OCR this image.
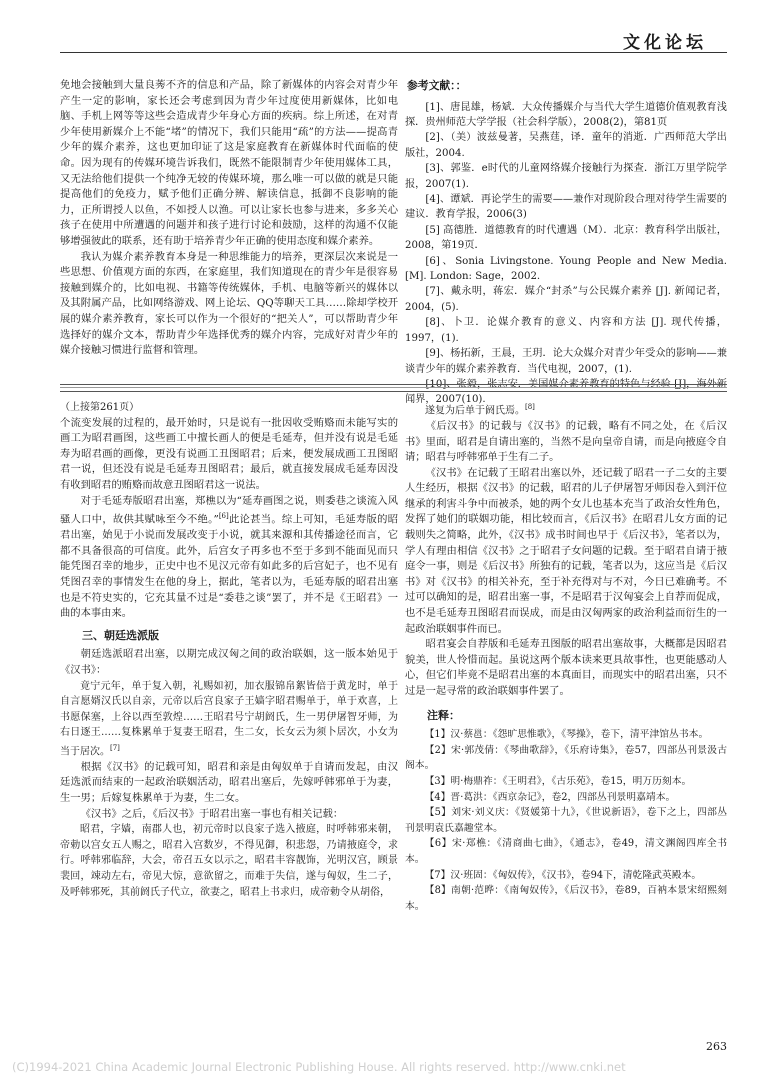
文化论坛

免地会接触到大量良莠不齐的信息和产品，除了新媒体的内容会对青少年产生一定的影响，家长还会考虑到因为青少年过度使用新媒体，比如电脑、手机上网等等这些会造成青少年身心方面的疾病。综上所述，在对青少年使用新媒介上不能“堵”的情况下，我们只能用“疏”的方法——提高青少年的媒介素养，这也更加印证了这是家庭教育在新媒体时代面临的使命。因为现有的传媒环境告诉我们，既然不能限制青少年使用媒体工具，又无法给他们提供一个纯净无较的传媒环境，那么唯一可以做的就是只能提高他们的免疫力，赋予他们正确分辨、解读信息，抵御不良影响的能力，正所谓授人以鱼，不如授人以渔。可以让家长也参与进来，多多关心孩子在使用中所遭遇的问题并和孩子进行讨论和鼓励，这样的沟通不仅能够增强彼此的联系，还有助于培养青少年正确的使用态度和媒介素养。

我认为媒介素养教育本身是一种思维能力的培养，更深层次来说是一些思想、价值观方面的东西，在家庭里，我们知道现在的青少年是很容易接触到媒介的，比如电视、书籍等传统媒体，手机、电脑等新兴的媒体以及其附属产品，比如网络游戏、网上论坛、QQ等聊天工具……除却学校开展的媒介素养教育，家长可以作为一个很好的“把关人”，可以帮助青少年选择好的媒介文本，帮助青少年选择优秀的媒介内容，完成好对青少年的媒介接触习惯进行监督和管理。

参考文献：：

[1]、唐昆雄，杨斌．大众传播媒介与当代大学生道德价值观教育浅探．贵州师范大学学报（社会科学版），2008(2)，第81页

[2]、（美）波兹曼著，吴燕莛，译．童年的消逝．广西师范大学出版社，2004.

[3]、郭鉴．e时代的儿童网络媒介接触行为探查．浙江万里学院学报，2007(1).

[4]、谭斌．再论学生的需要——兼作对现阶段合理对待学生需要的建议．教育学报，2006(3)

[5] 高德胜．道德教育的时代遭遇（M）．北京：教育科学出版社，2008，第19页．

[6]、Sonia Livingstone. Young People and New Media.[M]. London: Sage，2002.

[7]、戴永明，蒋宏．媒介“封杀”与公民媒介素养 [J]. 新闻记者，2004，(5).

[8]、卜卫．论媒介教育的意义、内容和方法 [J]. 现代传播，1997，(1).

[9]、杨拓新，王晨，王玥．论大众媒介对青少年受众的影响——兼谈青少年的媒介素养教育．当代电视，2007，(1).

[10]、张毅，张志安．美国媒介素养教育的特色与经验 [J]，海外新闻界，2007(10).

（上接第261页）

个流变发展的过程的，最开始时，只是说有一批因收受贿赂而未能写实的画工为昭君画图，这些画工中擅长画人的便是毛延寿，但并没有说是毛延寿为昭君画的画像，更没有说画工丑图昭君；后来，便发展成画工丑图昭君一说，但还没有说是毛延寿丑图昭君；最后，就直接发展成毛延寿因没有收到昭君的贿赂而故意丑图昭君这一说法。

对于毛延寿版昭君出塞，郑樵以为“延寿画图之说，则委巷之谈流入风骚人口中，故供其赋咏至今不绝。”[6]此论甚当。综上可知，毛延寿版的昭君出塞，始见于小说而发展改变于小说，就其来源和其传播途径而言，它都不具备很高的可信度。此外，后宫女子再多也不至于多到不能面见而只能凭图召幸的地步，正史中也不见汉元帝有如此多的后宫妃子，也不见有凭图召幸的事情发生在他的身上，据此，笔者以为，毛延寿版的昭君出塞也是不符史实的，它充其量不过是“委巷之谈”罢了，并不是《王昭君》一曲的本事由来。

三、朝廷选派版

朝廷选派昭君出塞，以期完成汉匈之间的政治联姻，这一版本始见于《汉书》：

竟宁元年，单于复入朝，礼赐如初，加衣服锦帛絮皆倍于黄龙时，单于自言愿婿汉氏以自亲，元帝以后宫良家子王嫱字昭君赐单于，单于欢喜，上书愿保塞，上谷以西至敦煌……王昭君号宁胡阏氏，生一男伊屠智牙师，为右日逐王……复株累单于复妻王昭君，生二女，长女云为须卜居次，小女为当于居次。[7]

根据《汉书》的记载可知，昭君和亲是由匈奴单于自请而发起，由汉廷选派而结束的一起政治联姻活动，昭君出塞后，先嫁呼韩邪单于为妻，生一男；后嫁复株累单于为妻，生二女。

《汉书》之后，《后汉书》于昭君出塞一事也有相关记载：

昭君，字嫱，南郡人也，初元帝时以良家子选入掖庭，时呼韩邪来朝，帝勅以宫女五人赐之，昭君入宫数岁，不得见御，积悲怨，乃请掖庭令，求行。呼韩邪临辞，大会，帝召五女以示之，昭君丰容靓饰，光明汉宫，顾景裴回，竦动左右，帝见大惊，意欲留之，而难于失信，遂与匈奴，生二子，及呼韩邪死，其前阏氏子代立，欲妻之，昭君上书求归，成帝勅令从胡俗，

遂复为后单于阏氏焉。[8]

《后汉书》的记载与《汉书》的记载，略有不同之处，在《后汉书》里面，昭君是自请出塞的，当然不是向皇帝自请，而是向掖庭令自请；昭君与呼韩邪单于生有二子。

《汉书》在记载了王昭君出塞以外，还记载了昭君一子二女的主要人生经历，根据《汉书》的记载，昭君的儿子伊屠智牙师因卷入到汗位继承的利害斗争中而被杀，她的两个女儿也基本充当了政治女性角色，发挥了她们的联姻功能，相比较而言，《后汉书》在昭君儿女方面的记载则失之简略，此外，《汉书》成书时间也早于《后汉书》，笔者以为，学人有理由相信《汉书》之于昭君子女问题的记载。至于昭君自请于掖庭令一事，则是《后汉书》所独有的记载，笔者以为，这应当是《后汉书》对《汉书》的相关补充，至于补充得对与不对，今日已难确考。不过可以确知的是，昭君出塞一事，不是昭君于汉匈宴会上自荐而促成，也不是毛延寿丑图昭君而误成，而是由汉匈两家的政治利益而衍生的一起政治联姻事件而已。

昭君宴会自荐版和毛延寿丑图版的昭君出塞故事，大概都是因昭君貌美，世人怜惜而起。虽说这两个版本读来更具故事性，也更能感动人心，但它们毕竟不是昭君出塞的本真面目，而现实中的昭君出塞，只不过是一起寻常的政治联姻事件罢了。

注释：

【1】汉·蔡邕：《怨旷思惟歌》，《琴操》，卷下，清平津馆丛书本。

【2】宋·郭茂倩：《琴曲歌辞》，《乐府诗集》，卷57，四部丛刊景汲古阁本。

【3】明·梅鼎祚：《王明君》，《古乐苑》，卷15，明万历刻本。

【4】晋·葛洪：《西京杂记》，卷2，四部丛刊景明嘉靖本。

【5】刘宋·刘义庆：《贤媛第十九》，《世说新语》，卷下之上，四部丛刊景明袁氏嘉趣堂本。

【6】宋·郑樵：《清商曲七曲》，《通志》，卷49，清文渊阁四库全书本。

【7】汉·班固：《匈奴传》，《汉书》，卷94下，清乾隆武英殿本。

【8】南朝·范晔：《南匈奴传》，《后汉书》，卷89，百衲本景宋绍熙刻本。

263
(C)1994-2021 China Academic Journal Electronic Publishing House. All rights reserved. http://www.cnki.net
